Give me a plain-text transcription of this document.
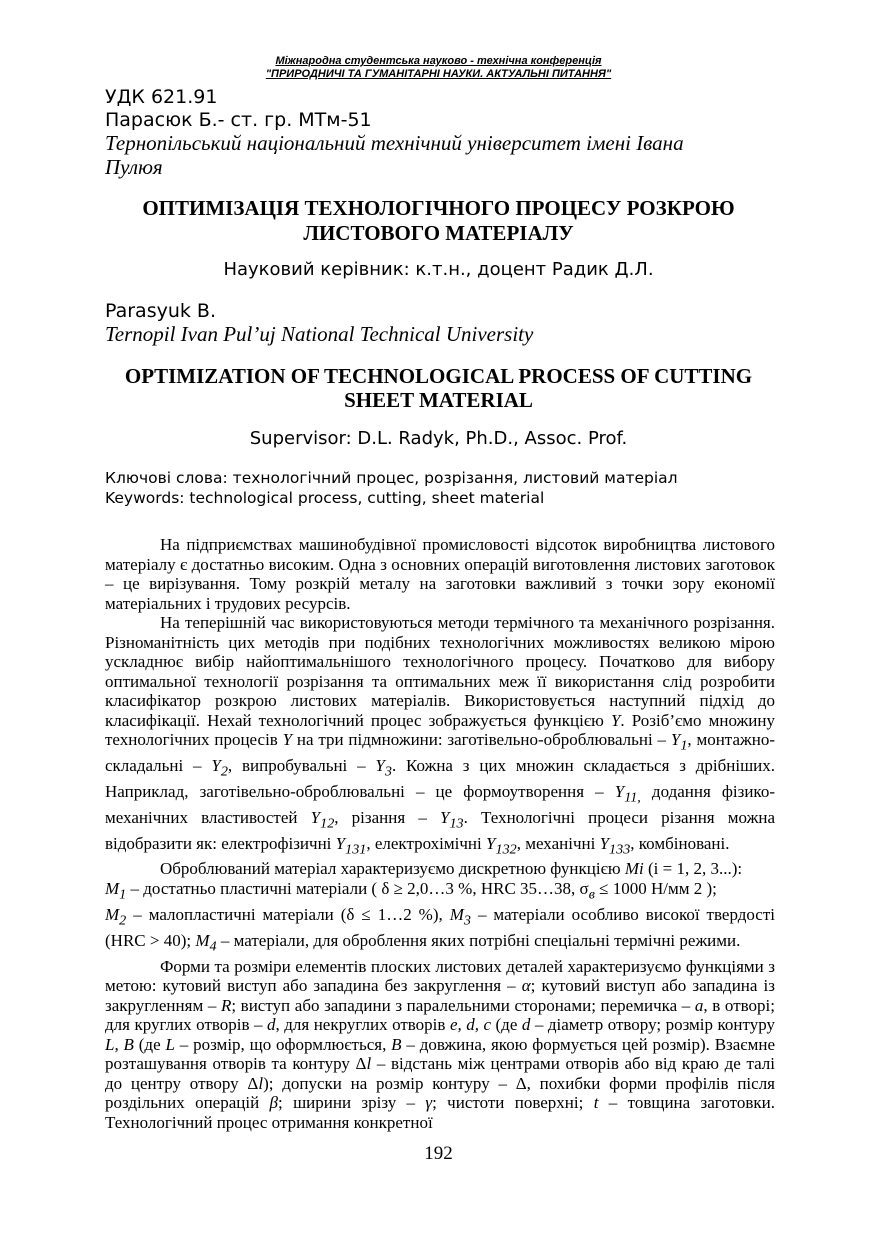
Міжнародна студентська науково - технічна конференція
"ПРИРОДНИЧІ ТА ГУМАНІТАРНІ НАУКИ. АКТУАЛЬНІ ПИТАННЯ"
УДК 621.91
Парасюк Б.- ст. гр. МТм-51
Тернопільський національний технічний університет імені Івана
Пулюя
ОПТИМІЗАЦІЯ ТЕХНОЛОГІЧНОГО ПРОЦЕСУ РОЗКРОЮ
ЛИСТОВОГО МАТЕРІАЛУ
Науковий керівник: к.т.н., доцент Радик Д.Л.
Parasyuk B.
Ternopil Ivan Pul’uj National Technical University
OPTIMIZATION OF TECHNOLOGICAL PROCESS OF CUTTING
SHEET MATERIAL
Supervisor: D.L. Radyk, Ph.D., Assoc. Prof.
Ключові слова: технологічний процес, розрізання, листовий матеріал
Keywords: technological process, cutting, sheet material

На підприємствах машинобудівної промисловості відсоток виробництва листового матеріалу є достатньо високим. Одна з основних операцій виготовлення листових заготовок – це вирізування. Тому розкрій металу на заготовки важливий з точки зору економії матеріальних і трудових ресурсів.

На теперішній час використовуються методи термічного та механічного розрізання. Різноманітність цих методів при подібних технологічних можливостях великою мірою ускладнює вибір найоптимальнішого технологічного процесу. Початково для вибору оптимальної технології розрізання та оптимальних меж її використання слід розробити класифікатор розкрою листових матеріалів. Використовується наступний підхід до класифікації. Нехай технологічний процес зображується функцією Y. Розіб’ємо множину технологічних процесів Y на три підмножини: заготівельно-оброблювальні – $Y_1$, монтажно-складальні – $Y_2$, випробувальні – $Y_3$. Кожна з цих множин складається з дрібніших. Наприклад, заготівельно-оброблювальні – це формоутворення – $Y_{11,}$ додання фізико-механічних властивостей $Y_{12}$, різання – $Y_{13}$. Технологічні процеси різання можна відобразити як: електрофізичні $Y_{131}$, електрохімічні $Y_{132}$, механічні $Y_{133}$, комбіновані.

Оброблюваний матеріал характеризуємо дискретною функцією Mi (i = 1, 2, 3...):

$M_1$ – достатньо пластичні матеріали ( δ ≥ 2,0…3 %, HRC 35…38, $\sigma_в \le 1000$ Н/мм 2 );

$M_2$ – малопластичні матеріали (δ ≤ 1…2 %), $M_3$ – матеріали особливо високої твердості (HRC > 40); $M_4$ – матеріали, для оброблення яких потрібні спеціальні термічні режими.

Форми та розміри елементів плоских листових деталей характеризуємо функціями з метою: кутовий виступ або западина без закруглення – α; кутовий виступ або западина із закругленням – R; виступ або западини з паралельними сторонами; перемичка – a, в отворі; для круглих отворів – d, для некруглих отворів e, d, c (де d – діаметр отвору; розмір контуру L, B (де L – розмір, що оформлюється, B – довжина, якою формується цей розмір). Взаємне розташування отворів та контуру Δl – відстань між центрами отворів або від краю де талі до центру отвору Δl); допуски на розмір контуру – Δ, похибки форми профілів після роздільних операцій β; ширини зрізу – γ; чистоти поверхні; t – товщина заготовки. Технологічний процес отримання конкретної

192
